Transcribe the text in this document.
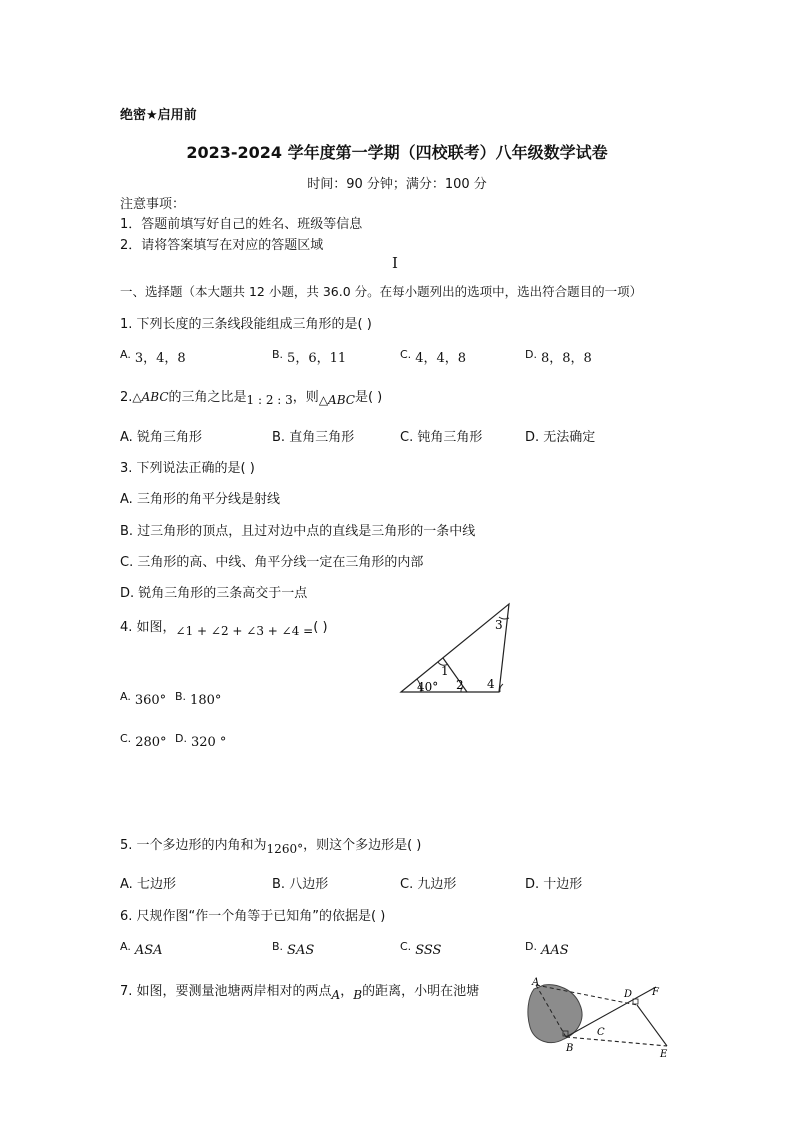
绝密★启用前
2023-2024 学年度第一学期（四校联考）八年级数学试卷
时间：90 分钟；满分：100 分
注意事项：
1．答题前填写好自己的姓名、班级等信息
2．请将答案填写在对应的答题区域
I
一、选择题（本大题共 12 小题，共 36.0 分。在每小题列出的选项中，选出符合题目的一项）
1. 下列长度的三条线段能组成三角形的是( )
$^{A.}$ 3，4，8	$^{B.}$ 5，6，11	$^{C.}$ 4，4，8	$^{D.}$ 8，8，8
2.△ABC的三角之比是1 : 2 : 3，则△ABC是( )
A. 锐角三角形	B. 直角三角形	C. 钝角三角形	D. 无法确定
3. 下列说法正确的是( )
A. 三角形的角平分线是射线
B. 过三角形的顶点，且过对边中点的直线是三角形的一条中线
C. 三角形的高、中线、角平分线一定在三角形的内部
D. 锐角三角形的三条高交于一点
4. 如图，∠1 + ∠2 + ∠3 + ∠4 =( )
40°
1
2 4
3
$^{A.}$ 360° $^{B.}$ 180°
$^{C.}$ 280° $^{D.}$ 320 °
5. 一个多边形的内角和为1260°，则这个多边形是( )
A. 七边形	B. 八边形	C. 九边形	D. 十边形
6. 尺规作图“作一个角等于已知角”的依据是( )
$^{A.}$ ASA	$^{B.}$ SAS	$^{C.}$ SSS	$^{D.}$ AAS
7. 如图，要测量池塘两岸相对的两点A，B的距离，小明在池塘
A
B
C
D F
E
